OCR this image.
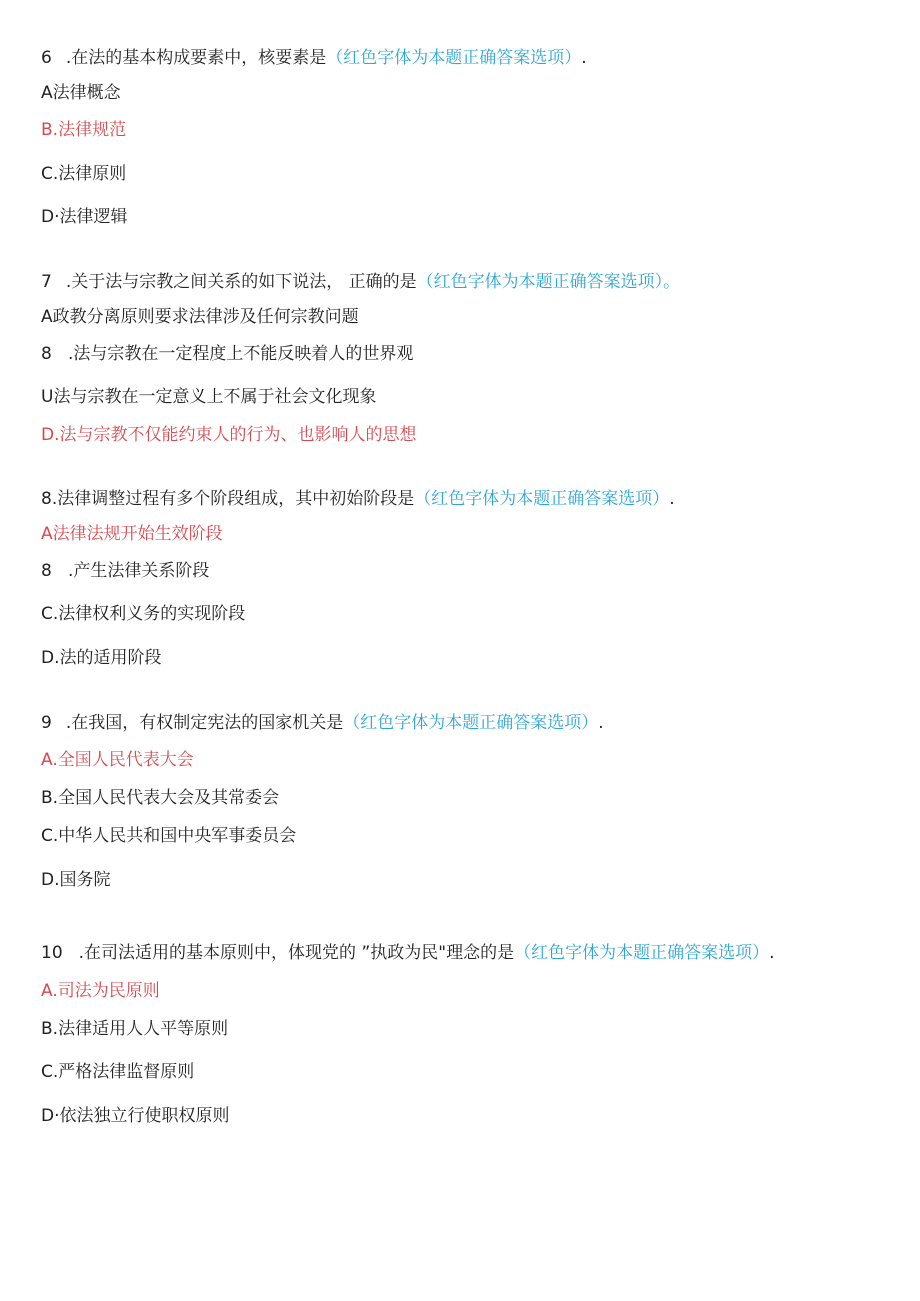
6 .在法的基本构成要素中，核要素是（红色字体为本题正确答案选项）.
A法律概念
B.法律规范
C.法律原则
D·法律逻辑
7 .关于法与宗教之间关系的如下说法， 正确的是（红色字体为本题正确答案选项）。
A政教分离原则要求法律涉及任何宗教问题
8   .法与宗教在一定程度上不能反映着人的世界观
U法与宗教在一定意义上不属于社会文化现象
D.法与宗教不仅能约束人的行为、也影响人的思想
8.法律调整过程有多个阶段组成，其中初始阶段是（红色字体为本题正确答案选项）.
A法律法规开始生效阶段
8   .产生法律关系阶段
C.法律权利义务的实现阶段
D.法的适用阶段
9 .在我国，有权制定宪法的国家机关是（红色字体为本题正确答案选项）.
A.全国人民代表大会
B.全国人民代表大会及其常委会
C.中华人民共和国中央军事委员会
D.国务院
10 .在司法适用的基本原则中，体现党的 ”执政为民"理念的是（红色字体为本题正确答案选项）.
A.司法为民原则
B.法律适用人人平等原则
C.严格法律监督原则
D·依法独立行使职权原则
